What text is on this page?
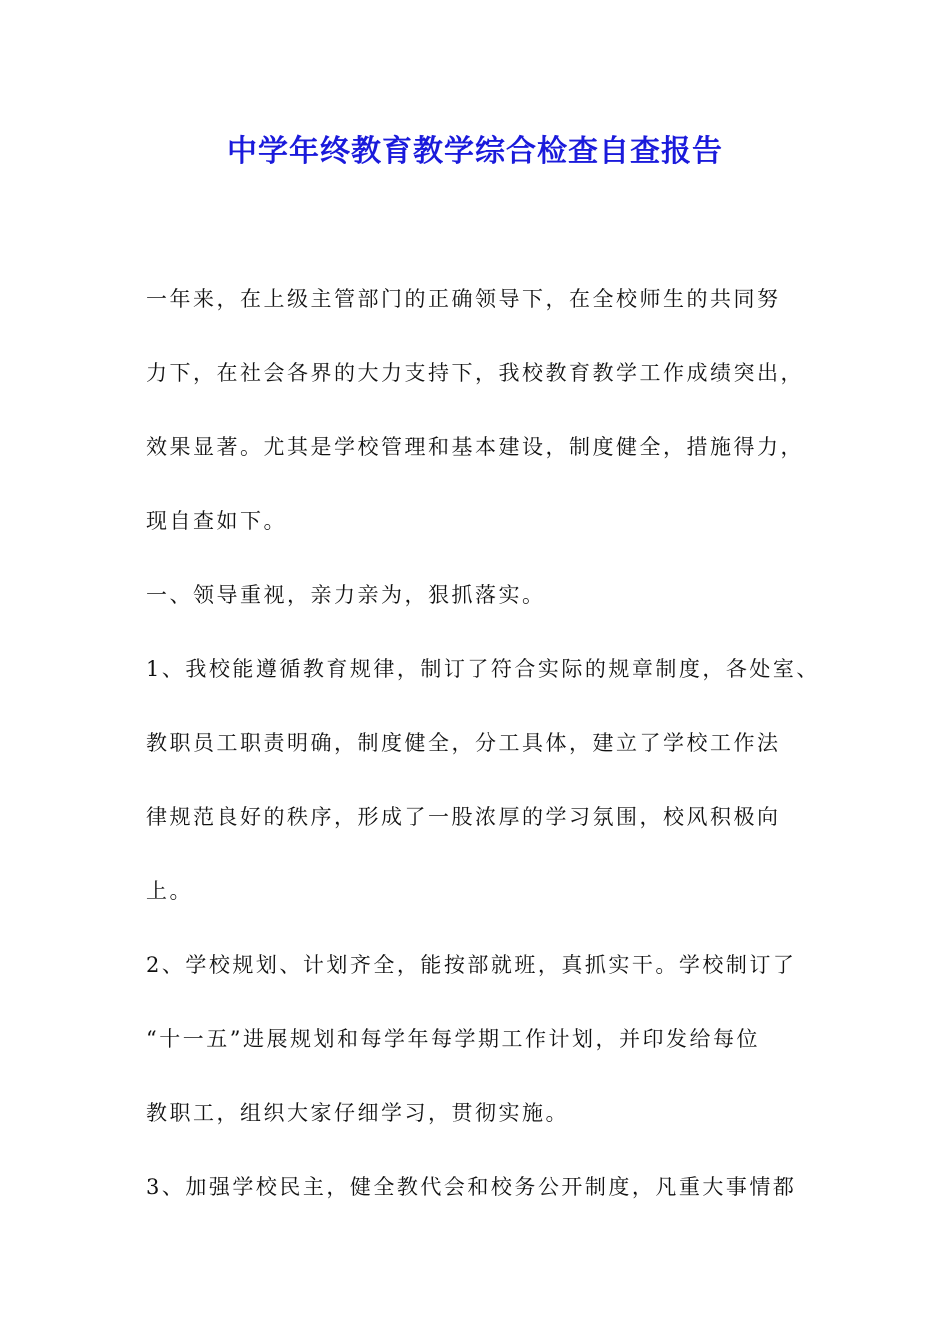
中学年终教育教学综合检查自查报告
一年来，在上级主管部门的正确领导下，在全校师生的共同努
力下，在社会各界的大力支持下，我校教育教学工作成绩突出，
效果显著。尤其是学校管理和基本建设，制度健全，措施得力，
现自查如下。
一、领导重视，亲力亲为，狠抓落实。
1、我校能遵循教育规律，制订了符合实际的规章制度，各处室、
教职员工职责明确，制度健全，分工具体，建立了学校工作法
律规范良好的秩序，形成了一股浓厚的学习氛围，校风积极向
上。
2、学校规划、计划齐全，能按部就班，真抓实干。学校制订了
“十一五”进展规划和每学年每学期工作计划，并印发给每位
教职工，组织大家仔细学习，贯彻实施。
3、加强学校民主，健全教代会和校务公开制度，凡重大事情都
